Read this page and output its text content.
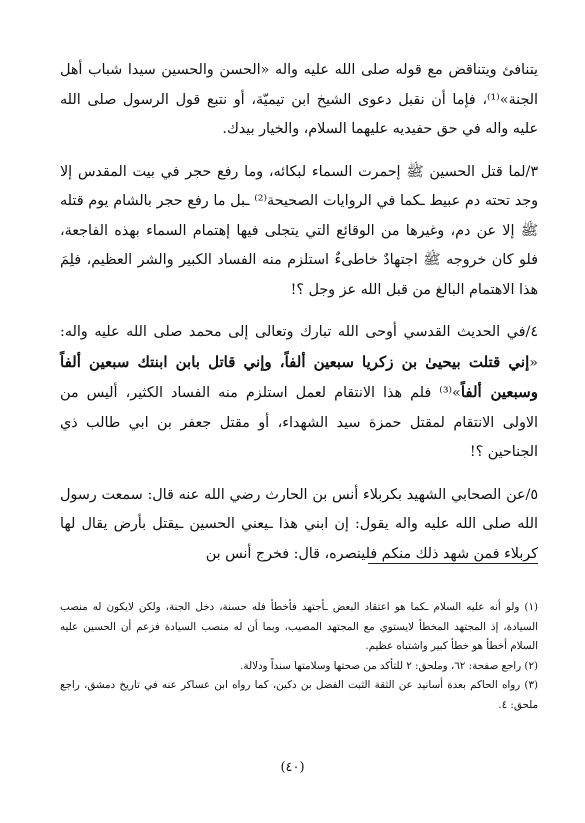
يتنافئ ويتناقض مع قوله صلى الله عليه واله «الحسن والحسين سيدا شباب أهل الجنة»⁽¹⁾، فإما أن نقبل دعوى الشيخ ابن تيميّة، أو نتبع قول الرسول صلى الله عليه واله في حق حفيديه عليهما السلام، والخيار بيدك.

٣/لما قتل الحسين ﷺ إحمرت السماء لبكائه، وما رفع حجر في بيت المقدس إلا وجد تحته دم عبيط ـكما في الروايات الصحيحة⁽²⁾ ـبل ما رفع حجر بالشام يوم قتله ﷺ إلا عن دم، وغيرها من الوقائع التي يتجلى فيها إهتمام السماء بهذه الفاجعة، فلو كان خروجه ﷺ اجتهادٌ خاطىءٌ استلزم منه الفساد الكبير والشر العظيم، فلِمَ هذا الاهتمام البالغ من قبل الله عز وجل ؟!

٤/في الحديث القدسي أوحى الله تبارك وتعالى إلى محمد صلى الله عليه واله: «إني قتلت بيحيىٰ بن زكريا سبعين ألفاً، وإني قاتل بابن ابنتك سبعين ألفاً وسبعين ألفاً»⁽³⁾ فلم هذا الانتقام لعمل استلزم منه الفساد الكثير، أليس من الاولى الانتقام لمقتل حمزة سيد الشهداء، أو مقتل جعفر بن ابي طالب ذي الجناحين ؟!

٥/عن الصحابي الشهيد بكربلاء أنس بن الحارث رضي الله عنه قال: سمعت رسول الله صلى الله عليه واله يقول: إن ابني هذا ـيعني الحسين ـيقتل بأرض يقال لها كربلاء فمن شهد ذلك منكم فلينصره، قال: فخرج أنس بن

(١) ولو أنه عليه السلام ـكما هو اعتقاد البعض ـأجتهد فأخطأ فله حسنة، دخل الجنة، ولكن لايكون له منصب السيادة، إذ المجتهد المخطأ لايستوي مع المجتهد المصيب، وبما أن له منصب السيادة فزعم أن الحسين عليه السلام أخطأ هو خطأ كبير واشتباه عظيم.

(٢) راجع صفحة: ٦٢، وملحق: ٢ للتأكد من صحتها وسلامتها سنداً ودلالة.

(٣) رواه الحاكم بعدة أسانيد عن الثقة الثبت الفضل بن دكين، كما رواه ابن عساكر عنه في تاريخ دمشق، راجع ملحق: ٤.

(٤٠)
